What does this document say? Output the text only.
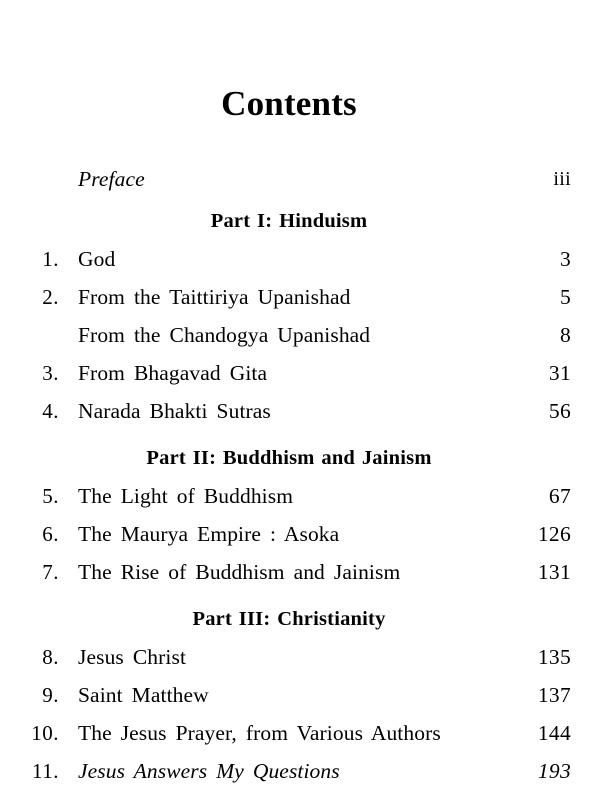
Contents
Preface	iii
Part I: Hinduism
1. God	3
2. From the Taittiriya Upanishad	5
From the Chandogya Upanishad	8
3. From Bhagavad Gita	31
4. Narada Bhakti Sutras	56
Part II: Buddhism and Jainism
5. The Light of Buddhism	67
6. The Maurya Empire : Asoka	126
7. The Rise of Buddhism and Jainism	131
Part III: Christianity
8. Jesus Christ	135
9. Saint Matthew	137
10. The Jesus Prayer, from Various Authors	144
11. Jesus Answers My Questions	193
